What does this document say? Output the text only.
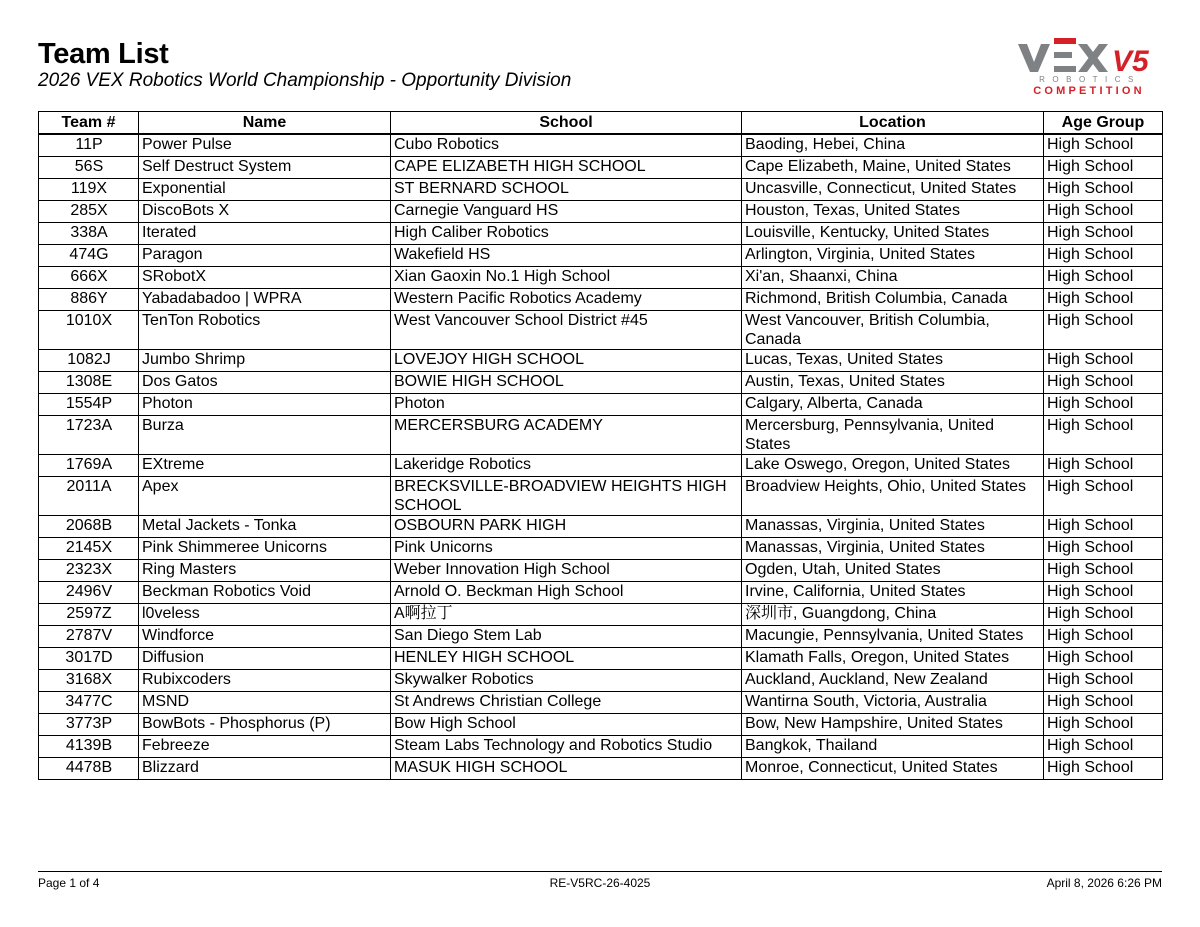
Team List
2026 VEX Robotics World Championship - Opportunity Division
V5
ROBOTICS
COMPETITION
Team #	Name	School	Location	Age Group
11P	Power Pulse	Cubo Robotics	Baoding, Hebei, China	High School
56S	Self Destruct System	CAPE ELIZABETH HIGH SCHOOL	Cape Elizabeth, Maine, United States	High School
119X	Exponential	ST BERNARD SCHOOL	Uncasville, Connecticut, United States	High School
285X	DiscoBots X	Carnegie Vanguard HS	Houston, Texas, United States	High School
338A	Iterated	High Caliber Robotics	Louisville, Kentucky, United States	High School
474G	Paragon	Wakefield HS	Arlington, Virginia, United States	High School
666X	SRobotX	Xian Gaoxin No.1 High School	Xi'an, Shaanxi, China	High School
886Y	Yabadabadoo | WPRA	Western Pacific Robotics Academy	Richmond, British Columbia, Canada	High School
1010X	TenTon Robotics	West Vancouver School District #45	West Vancouver, British Columbia, Canada	High School
1082J	Jumbo Shrimp	LOVEJOY HIGH SCHOOL	Lucas, Texas, United States	High School
1308E	Dos Gatos	BOWIE HIGH SCHOOL	Austin, Texas, United States	High School
1554P	Photon	Photon	Calgary, Alberta, Canada	High School
1723A	Burza	MERCERSBURG ACADEMY	Mercersburg, Pennsylvania, United States	High School
1769A	EXtreme	Lakeridge Robotics	Lake Oswego, Oregon, United States	High School
2011A	Apex	BRECKSVILLE-BROADVIEW HEIGHTS HIGH SCHOOL	Broadview Heights, Ohio, United States	High School
2068B	Metal Jackets - Tonka	OSBOURN PARK HIGH	Manassas, Virginia, United States	High School
2145X	Pink Shimmeree Unicorns	Pink Unicorns	Manassas, Virginia, United States	High School
2323X	Ring Masters	Weber Innovation High School	Ogden, Utah, United States	High School
2496V	Beckman Robotics Void	Arnold O. Beckman High School	Irvine, California, United States	High School
2597Z	l0veless	A啊拉丁	深圳市, Guangdong, China	High School
2787V	Windforce	San Diego Stem Lab	Macungie, Pennsylvania, United States	High School
3017D	Diffusion	HENLEY HIGH SCHOOL	Klamath Falls, Oregon, United States	High School
3168X	Rubixcoders	Skywalker Robotics	Auckland, Auckland, New Zealand	High School
3477C	MSND	St Andrews Christian College	Wantirna South, Victoria, Australia	High School
3773P	BowBots - Phosphorus (P)	Bow High School	Bow, New Hampshire, United States	High School
4139B	Febreeze	Steam Labs Technology and Robotics Studio	Bangkok, Thailand	High School
4478B	Blizzard	MASUK HIGH SCHOOL	Monroe, Connecticut, United States	High School
Page 1 of 4	RE-V5RC-26-4025	April 8, 2026 6:26 PM
